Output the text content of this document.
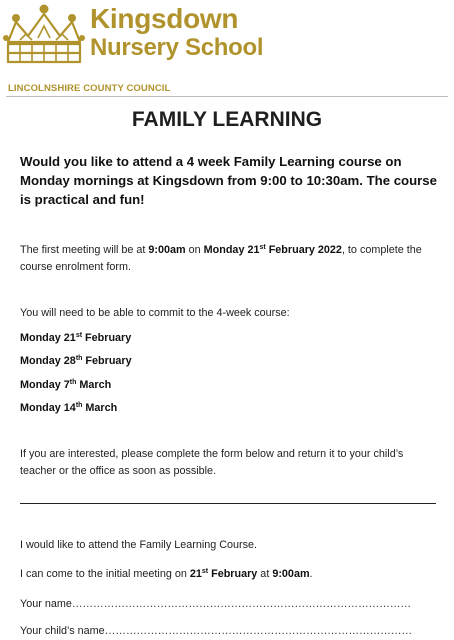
Kingsdown
Nursery School
LINCOLNSHIRE COUNTY COUNCIL
FAMILY LEARNING
Would you like to attend a 4 week Family Learning course on Monday mornings at Kingsdown from 9:00 to 10:30am. The course is practical and fun!
The first meeting will be at 9:00am on Monday 21st February 2022, to complete the course enrolment form.
You will need to be able to commit to the 4-week course:
Monday 21st February
Monday 28th February
Monday 7th March
Monday 14th March
If you are interested, please complete the form below and return it to your child’s teacher or the office as soon as possible.
I would like to attend the Family Learning Course.
I can come to the initial meeting on 21st February at 9:00am.
Your name……………………………………………………………………………………
Your child’s name……………………………………………………………………………
